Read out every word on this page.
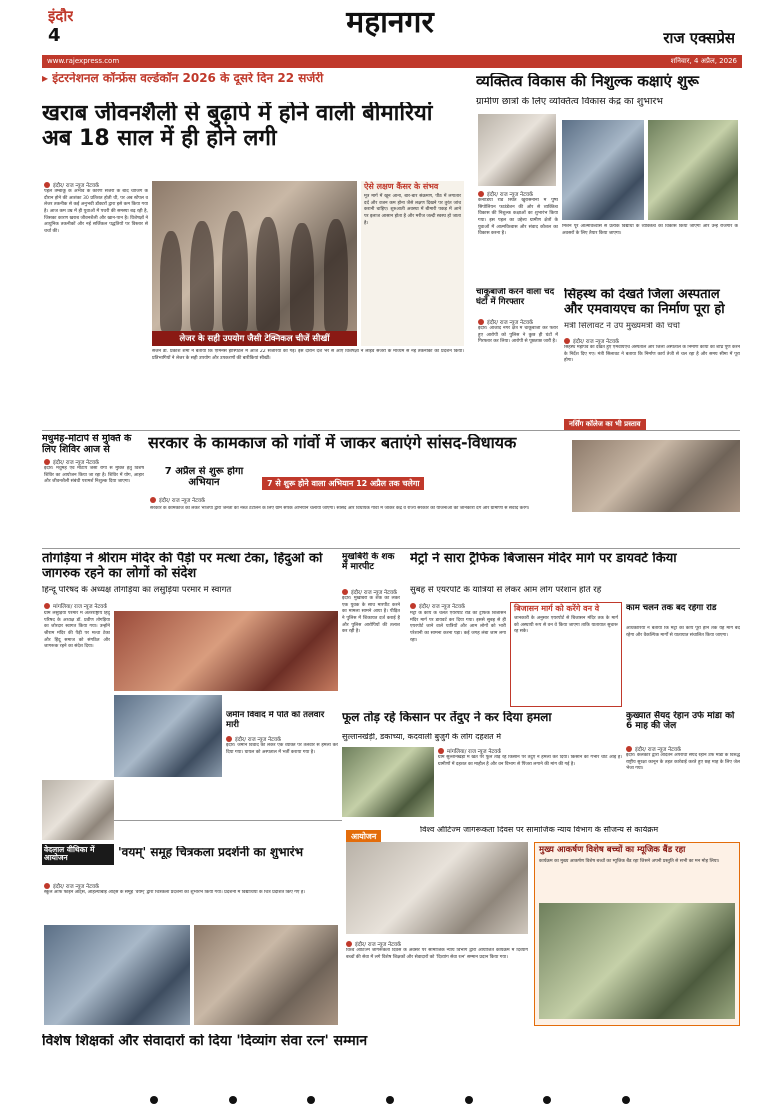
इंदौर
4	महानगर	राज एक्सप्रेस
www.rajexpress.com	शनिवार, 4 अप्रैल, 2026
▸ इंटरनेशनल कॉन्फ्रेंस वर्ल्डकॉन 2026 के दूसरे दिन 22 सर्जरी
खराब जीवनशैली से बुढ़ापे में होने वाली बीमारियां अब 18 साल में ही होने लगी
इंदौर/ राज न्यूज नेटवर्क
पहले तम्बाकू के अभाव के कारण सर्जरी के बाद चार्जिंग के दौरान होने की आशंका 30 प्रतिशत होती थी, पर अब स्टेंपल व लेजर तकनीक से कई अनुभवी डॉक्टरों द्वारा इसे कम किया गया है। आज कम उम्र में ही युवाओं में पथरी की समस्या बढ़ रही है, जिसका कारण खराब जीवनशैली और खान-पान है। विशेषज्ञों ने आधुनिक तकनीकों और नई सर्जिकल पद्धतियों पर विस्तार से चर्चा की।
लेजर के सही उपयोग जैसी टेक्निकल चीजें सीखीं
ऐसे लक्षण कैंसर के संभव
मूत्र मार्ग में खून आना, बार-बार संक्रमण, पीठ में लगातार दर्द और वजन कम होना जैसे लक्षण दिखने पर तुरंत जांच करानी चाहिए। शुरुआती अवस्था में बीमारी पकड़ में आने पर इलाज आसान होता है और मरीज जल्दी स्वस्थ हो जाता है।
सर्जन डॉ. प्रकाश शर्मा ने बताया कि एमिनेंस हॉस्पिटल में आज 22 सर्जरियां की गईं। इस दौरान देश भर से आए विशेषज्ञों ने लाइव सर्जरी के माध्यम से नई तकनीकों का प्रदर्शन किया। प्रतिभागियों ने लेजर के सही उपयोग और उपकरणों की बारीकियां सीखीं।
व्यक्तित्व विकास की निशुल्क कक्षाएं शुरू
ग्रामीण छात्रों के लिए व्यक्तित्व विकास केंद्र का शुभारंभ
इंदौर/ राज न्यूज नेटवर्क
कनाडिया रोड स्थित खुरासनीनी में पुष्प सिपोलियन फाउंडेशन की ओर से व्यक्तित्व विकास की निशुल्क कक्षाओं का शुभारंभ किया गया। इस पहल का उद्देश्य ग्रामीण क्षेत्रों के युवाओं में आत्मविश्वास और संवाद कौशल का विकास करना है।
मिशन पूरे आत्मविश्वास से प्रत्येक विद्यार्थी के व्यक्तित्व का विकास किया जाएगा और उन्हें रोजगार के अवसरों के लिए तैयार किया जाएगा।
चाकूबाजी करने वाला चंद घंटों में गिरफ्तार
इंदौर/ राज न्यूज नेटवर्क
इंदौर। आजाद नगर क्षेत्र में चाकूबाजी कर फरार हुए आरोपी को पुलिस ने कुछ ही घंटों में गिरफ्तार कर लिया। आरोपी से पूछताछ जारी है।
सिंहस्थ को देखते जिला अस्पताल और एमवायएच का निर्माण पूरा हो
मंत्री सिलावट ने उप मुख्यमंत्री की चर्चा
इंदौर/ राज न्यूज नेटवर्क
सिंहस्थ महापर्व को देखते हुए एमवायएच अस्पताल और जिला अस्पताल के निर्माण कार्यों को शीघ्र पूर्ण करने के निर्देश दिए गए। मंत्री सिलावट ने बताया कि निर्माण कार्य तेजी से चल रहा है और समय सीमा में पूरा होगा।
नर्सिंग कॉलेज का भी प्रस्ताव
सरकार के कामकाज को गांवों में जाकर बताएंगे सांसद-विधायक
7 से शुरू होने वाला अभियान 12 अप्रैल तक चलेगा
7 अप्रैल से शुरू होगा अभियान
इंदौर/ राज न्यूज नेटवर्क
सरकार के कामकाज को लेकर भाजपा द्वारा जनता की नब्ज टटोलने के लिए ग्राम संपर्क अभियान चलाया जाएगा। सांसद और विधायक गांवों में जाकर केंद्र व राज्य सरकार की योजनाओं की जानकारी देंगे और ग्रामीणों से संवाद करेंगे।
मधुमेह-मोटापे से मुक्ति के लिए शिविर आज से
इंदौर/ राज न्यूज नेटवर्क
इंदौर। मधुमेह एवं मोटापे जैसी रोगों से मुक्ति हेतु विशेष शिविर का आयोजन किया जा रहा है। शिविर में योग, आहार और जीवनशैली संबंधी परामर्श निशुल्क दिया जाएगा।
तोगड़िया ने श्रीराम मंदिर की पैड़ी पर मत्था टेका, हिंदुओं को जागरुक रहने का लोगों को संदेश
हिन्दू परिषद के अध्यक्ष तोगड़िया का लसुड़िया परमार में स्वागत
मांगलिया/ राज न्यूज नेटवर्क
ग्राम लसुड़िया परमार में अंतरराष्ट्रीय हिंदू परिषद के अध्यक्ष डॉ. प्रवीण तोगड़िया का जोरदार स्वागत किया गया। उन्होंने श्रीराम मंदिर की पैड़ी पर मत्था टेका और हिंदू समाज को संगठित और जागरूक रहने का संदेश दिया।
मुखबिरी के शक में मारपीट
इंदौर/ राज न्यूज नेटवर्क
इंदौर। मुखबिरी के शक को लेकर एक युवक के साथ मारपीट करने का मामला सामने आया है। पीड़ित ने पुलिस में शिकायत दर्ज कराई है और पुलिस आरोपियों की तलाश कर रही है।
मेट्रो ने सारा ट्रैफिक बिजासन मंदिर मार्ग पर डायवर्ट किया
सुबह से एयरपोर्ट के यात्रियों से लेकर आम लोग परेशान होते रहे
इंदौर/ राज न्यूज नेटवर्क
मेट्रो के कार्य के चलते एयरपोर्ट रोड का ट्रैफिक बिजासन मंदिर मार्ग पर डायवर्ट कर दिया गया। इससे सुबह से ही एयरपोर्ट जाने वाले यात्रियों और आम लोगों को भारी परेशानी का सामना करना पड़ा। कई जगह लंबा जाम लगा रहा।
बिजासन मार्ग को करेंगे वन वे
जानकारी के अनुसार एयरपोर्ट से बिजासन मंदिर तक के मार्ग को अस्थायी रूप से वन वे किया जाएगा ताकि यातायात सुचारू रह सके।
काम चलने तक बंद रहेगा रोड
अधिकारियों ने बताया कि मेट्रो का कार्य पूरा होने तक यह मार्ग बंद रहेगा और वैकल्पिक मार्गों से यातायात संचालित किया जाएगा।
जमीन विवाद में पति को तलवार मारी
इंदौर/ राज न्यूज नेटवर्क
इंदौर। जमीन विवाद को लेकर एक व्यक्ति पर तलवार से हमला कर दिया गया। घायल को अस्पताल में भर्ती कराया गया है।
फूल तोड़ रहे किसान पर तेंदुए ने कर दिया हमला
सुल्तानखेड़ी, डकाच्या, कदवाली बुजुर्ग के लोग दहशत में
मांगलिया/ राज न्यूज नेटवर्क
ग्राम सुल्तानखेड़ी में खेत पर फूल तोड़ रहे किसान पर तेंदुए ने हमला कर दिया। किसान को गंभीर चोटें आई हैं। ग्रामीणों में दहशत का माहौल है और वन विभाग से पिंजरा लगाने की मांग की गई है।
कुख्यात सैयद रेहान उर्फ मांडा को 6 माह की जेल
इंदौर/ राज न्यूज नेटवर्क
इंदौर। कलेक्टर द्वारा आदतन अपराधी सैयद रेहान उर्फ मांडा के विरुद्ध राष्ट्रीय सुरक्षा कानून के तहत कार्रवाई करते हुए छह माह के लिए जेल भेजा गया।
वेदलाल वीथिका में आयोजन	'वयम्' समूह चित्रकला प्रदर्शनी का शुभारंभ
इंदौर/ राज न्यूज नेटवर्क
स्कूल ऑफ फाइन आर्ट्स, अहिल्याबाई आर्ट्स के समूह 'वयम्' द्वारा चित्रकला प्रदर्शनी का शुभारंभ किया गया। प्रदर्शनी में विद्यार्थियों के चित्र प्रदर्शित किए गए हैं।
आयोजन
विश्व ऑटिज्म जागरूकता दिवस पर सामाजिक न्याय विभाग के सौजन्य से कार्यक्रम
विशेष शिक्षकों और सेवादारों को दिया 'दिव्यांग सेवा रत्न' सम्मान
इंदौर/ राज न्यूज नेटवर्क
विश्व ऑटिज्म जागरूकता दिवस के अवसर पर सामाजिक न्याय विभाग द्वारा आयोजित कार्यक्रम में दिव्यांग बच्चों की सेवा में लगे विशेष शिक्षकों और सेवादारों को 'दिव्यांग सेवा रत्न' सम्मान प्रदान किया गया।
मुख्य आकर्षण विशेष बच्चों का म्यूजिक बैंड रहा
कार्यक्रम का मुख्य आकर्षण विशेष बच्चों का म्यूजिक बैंड रहा जिसने अपनी प्रस्तुति से सभी का मन मोह लिया।
